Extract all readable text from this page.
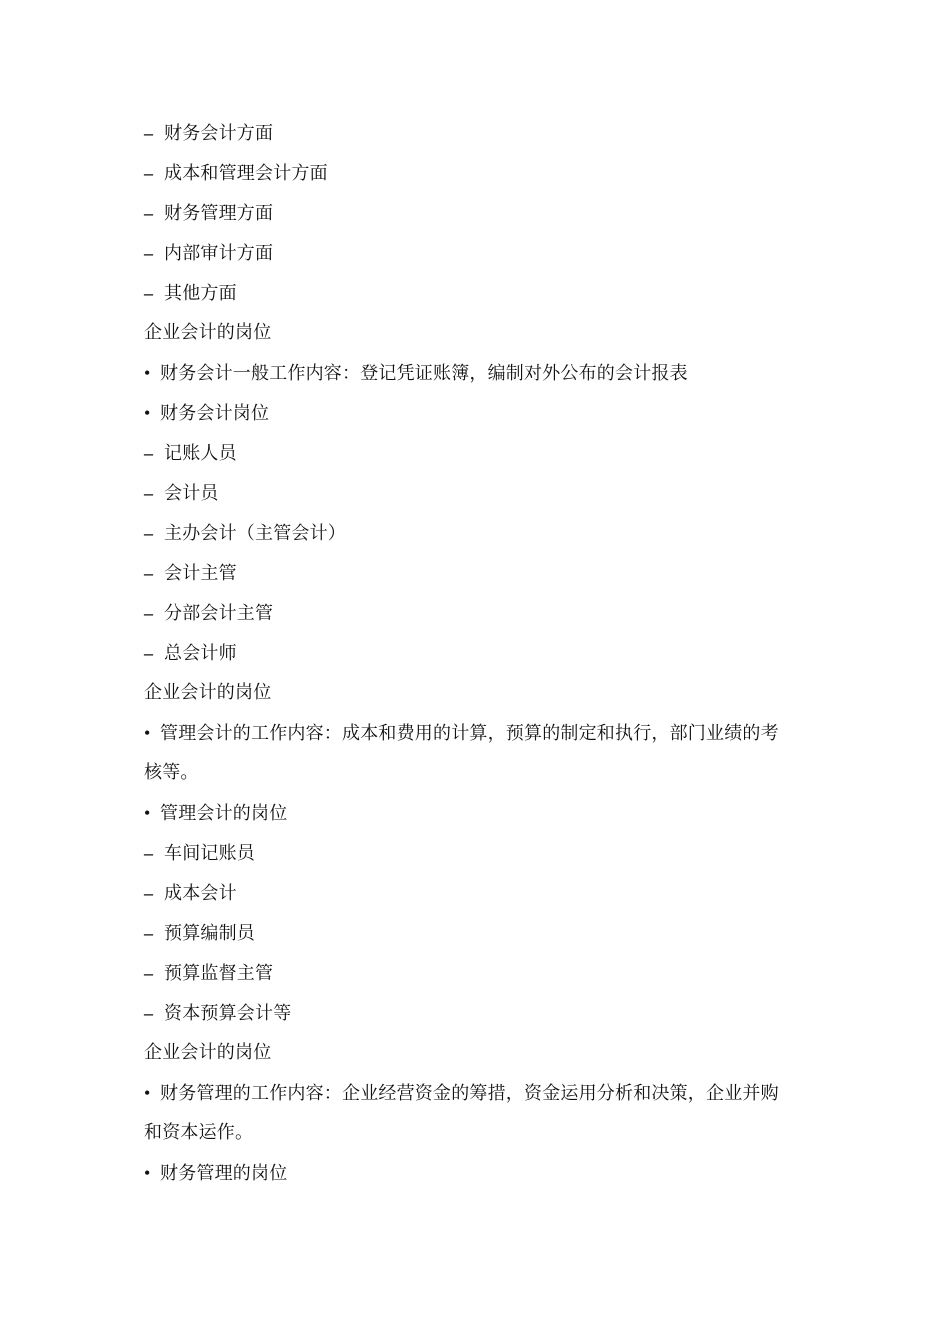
– 财务会计方面
– 成本和管理会计方面
– 财务管理方面
– 内部审计方面
– 其他方面
企业会计的岗位
• 财务会计一般工作内容：登记凭证账簿，编制对外公布的会计报表
• 财务会计岗位
– 记账人员
– 会计员
– 主办会计（主管会计）
– 会计主管
– 分部会计主管
– 总会计师
企业会计的岗位
• 管理会计的工作内容：成本和费用的计算，预算的制定和执行，部门业绩的考
核等。
• 管理会计的岗位
– 车间记账员
– 成本会计
– 预算编制员
– 预算监督主管
– 资本预算会计等
企业会计的岗位
• 财务管理的工作内容：企业经营资金的筹措，资金运用分析和决策，企业并购
和资本运作。
• 财务管理的岗位
